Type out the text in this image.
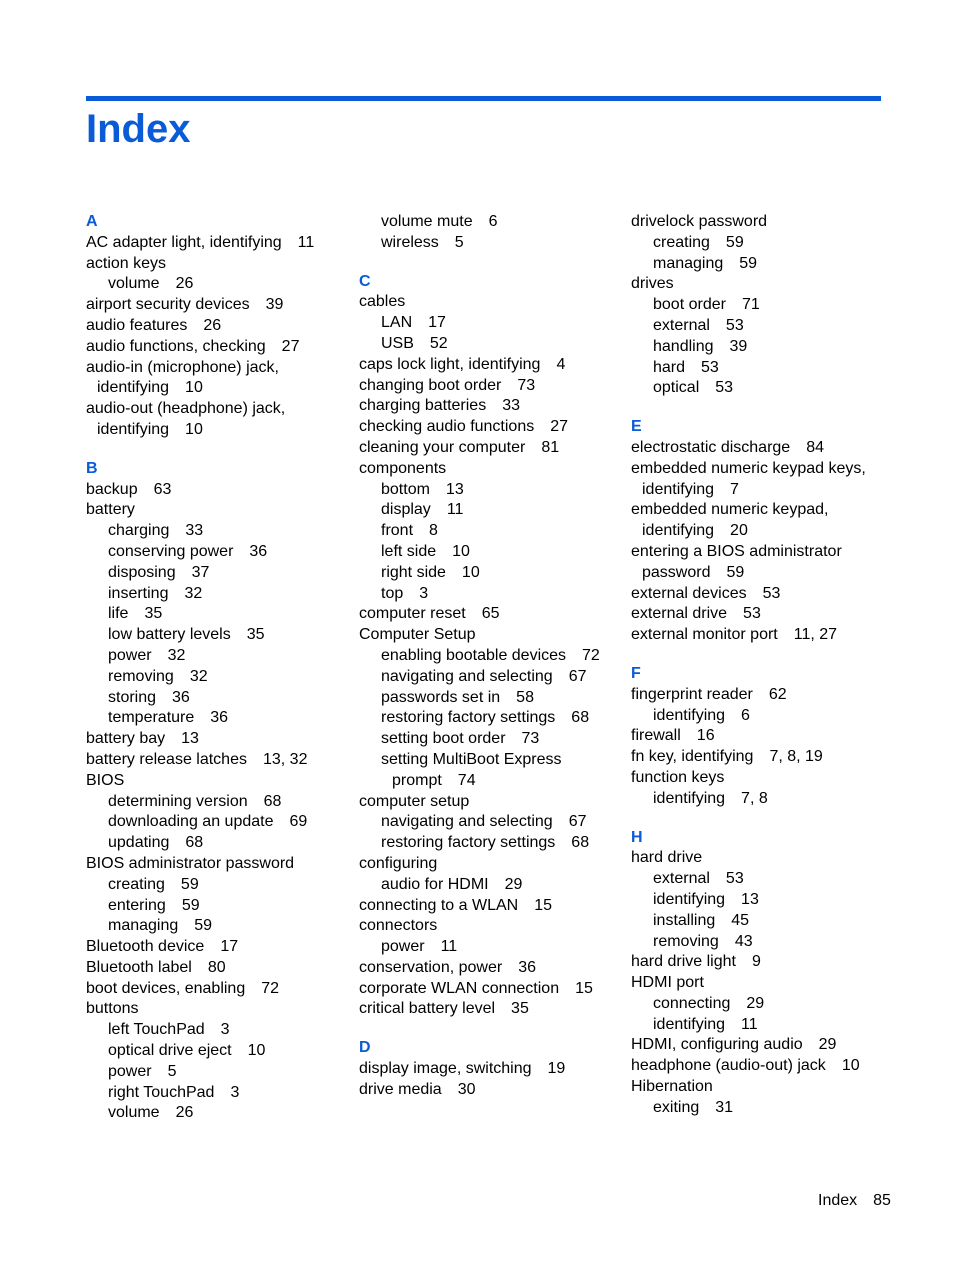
Index
A
AC adapter light, identifying 11
action keys
volume 26
airport security devices 39
audio features 26
audio functions, checking 27
audio-in (microphone) jack,
identifying 10
audio-out (headphone) jack,
identifying 10
B
backup 63
battery
charging 33
conserving power 36
disposing 37
inserting 32
life 35
low battery levels 35
power 32
removing 32
storing 36
temperature 36
battery bay 13
battery release latches 13, 32
BIOS
determining version 68
downloading an update 69
updating 68
BIOS administrator password
creating 59
entering 59
managing 59
Bluetooth device 17
Bluetooth label 80
boot devices, enabling 72
buttons
left TouchPad 3
optical drive eject 10
power 5
right TouchPad 3
volume 26
volume mute 6
wireless 5
C
cables
LAN 17
USB 52
caps lock light, identifying 4
changing boot order 73
charging batteries 33
checking audio functions 27
cleaning your computer 81
components
bottom 13
display 11
front 8
left side 10
right side 10
top 3
computer reset 65
Computer Setup
enabling bootable devices 72
navigating and selecting 67
passwords set in 58
restoring factory settings 68
setting boot order 73
setting MultiBoot Express
prompt 74
computer setup
navigating and selecting 67
restoring factory settings 68
configuring
audio for HDMI 29
connecting to a WLAN 15
connectors
power 11
conservation, power 36
corporate WLAN connection 15
critical battery level 35
D
display image, switching 19
drive media 30
drivelock password
creating 59
managing 59
drives
boot order 71
external 53
handling 39
hard 53
optical 53
E
electrostatic discharge 84
embedded numeric keypad keys,
identifying 7
embedded numeric keypad,
identifying 20
entering a BIOS administrator
password 59
external devices 53
external drive 53
external monitor port 11, 27
F
fingerprint reader 62
identifying 6
firewall 16
fn key, identifying 7, 8, 19
function keys
identifying 7, 8
H
hard drive
external 53
identifying 13
installing 45
removing 43
hard drive light 9
HDMI port
connecting 29
identifying 11
HDMI, configuring audio 29
headphone (audio-out) jack 10
Hibernation
exiting 31
Index 85
